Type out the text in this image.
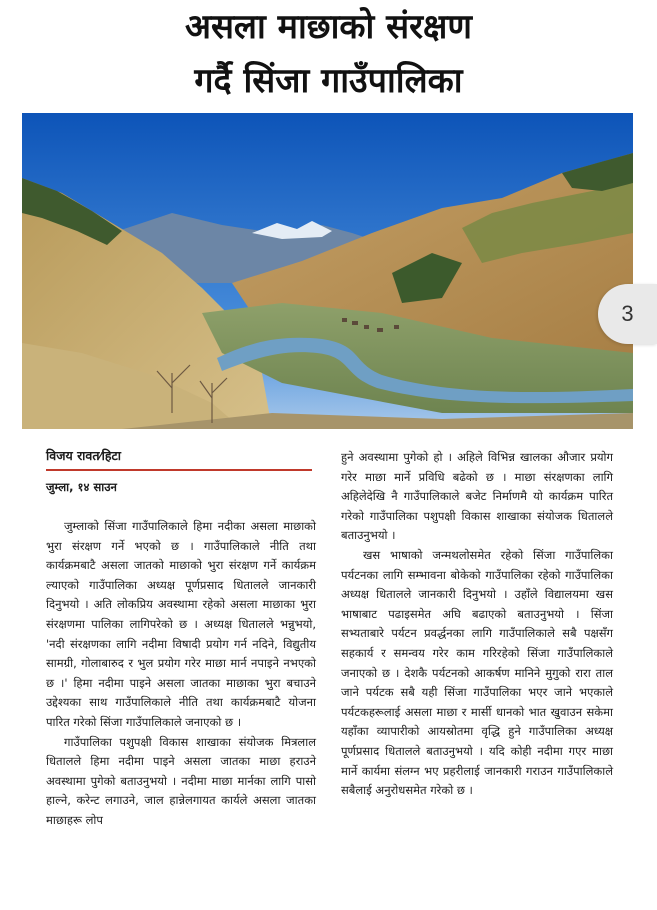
असला माछाको संरक्षण
गर्दै सिंजा गाउँपालिका
3
विजय रावत⁄हिटा
जुम्ला, १४ साउन

जुम्लाको सिंजा गाउँपालिकाले हिमा नदीका असला माछाको भुरा संरक्षण गर्ने भएको छ । गाउँपालिकाले नीति तथा कार्यक्रमबाटै असला जातको माछाको भुरा संरक्षण गर्ने कार्यक्रम ल्याएको गाउँपालिका अध्यक्ष पूर्णप्रसाद धितालले जानकारी दिनुभयो । अति लोकप्रिय अवस्थामा रहेको असला माछाका भुरा संरक्षणमा पालिका लागिपरेको छ । अध्यक्ष धितालले भन्नुभयो, 'नदी संरक्षणका लागि नदीमा विषादी प्रयोग गर्न नदिने, विद्युतीय सामग्री, गोलाबारुद र भुल प्रयोग गरेर माछा मार्न नपाइने नभएको छ ।' हिमा नदीमा पाइने असला जातका माछाका भुरा बचाउने उद्देश्यका साथ गाउँपालिकाले नीति तथा कार्यक्रमबाटै योजना पारित गरेको सिंजा गाउँपालिकाले जनाएको छ ।

गाउँपालिका पशुपक्षी विकास शाखाका संयोजक मित्रलाल धितालले हिमा नदीमा पाइने असला जातका माछा हराउने अवस्थामा पुगेको बताउनुभयो । नदीमा माछा मार्नका लागि पासो हाल्ने, करेन्ट लगाउने, जाल हान्नेलगायत कार्यले असला जातका माछाहरू लोप

हुने अवस्थामा पुगेको हो । अहिले विभिन्न खालका औजार प्रयोग गरेर माछा मार्ने प्रविधि बढेको छ । माछा संरक्षणका लागि अहिलेदेखि नै गाउँपालिकाले बजेट निर्माणमै यो कार्यक्रम पारित गरेको गाउँपालिका पशुपक्षी विकास शाखाका संयोजक धितालले बताउनुभयो ।

खस भाषाको जन्मथलोसमेत रहेको सिंजा गाउँपालिका पर्यटनका लागि सम्भावना बोकेको गाउँपालिका रहेको गाउँपालिका अध्यक्ष धितालले जानकारी दिनुभयो । उहाँले विद्यालयमा खस भाषाबाट पढाइसमेत अघि बढाएको बताउनुभयो । सिंजा सभ्यताबारे पर्यटन प्रवर्द्धनका लागि गाउँपालिकाले सबै पक्षसँग सहकार्य र समन्वय गरेर काम गरिरहेको सिंजा गाउँपालिकाले जनाएको छ । देशकै पर्यटनको आकर्षण मानिने मुगुको रारा ताल जाने पर्यटक सबै यही सिंजा गाउँपालिका भएर जाने भएकाले पर्यटकहरूलाई असला माछा र मार्सी धानको भात खुवाउन सकेमा यहाँका व्यापारीको आयस्रोतमा वृद्धि हुने गाउँपालिका अध्यक्ष पूर्णप्रसाद धितालले बताउनुभयो । यदि कोही नदीमा गएर माछा मार्ने कार्यमा संलग्न भए प्रहरीलाई जानकारी गराउन गाउँपालिकाले सबैलाई अनुरोधसमेत गरेको छ ।
